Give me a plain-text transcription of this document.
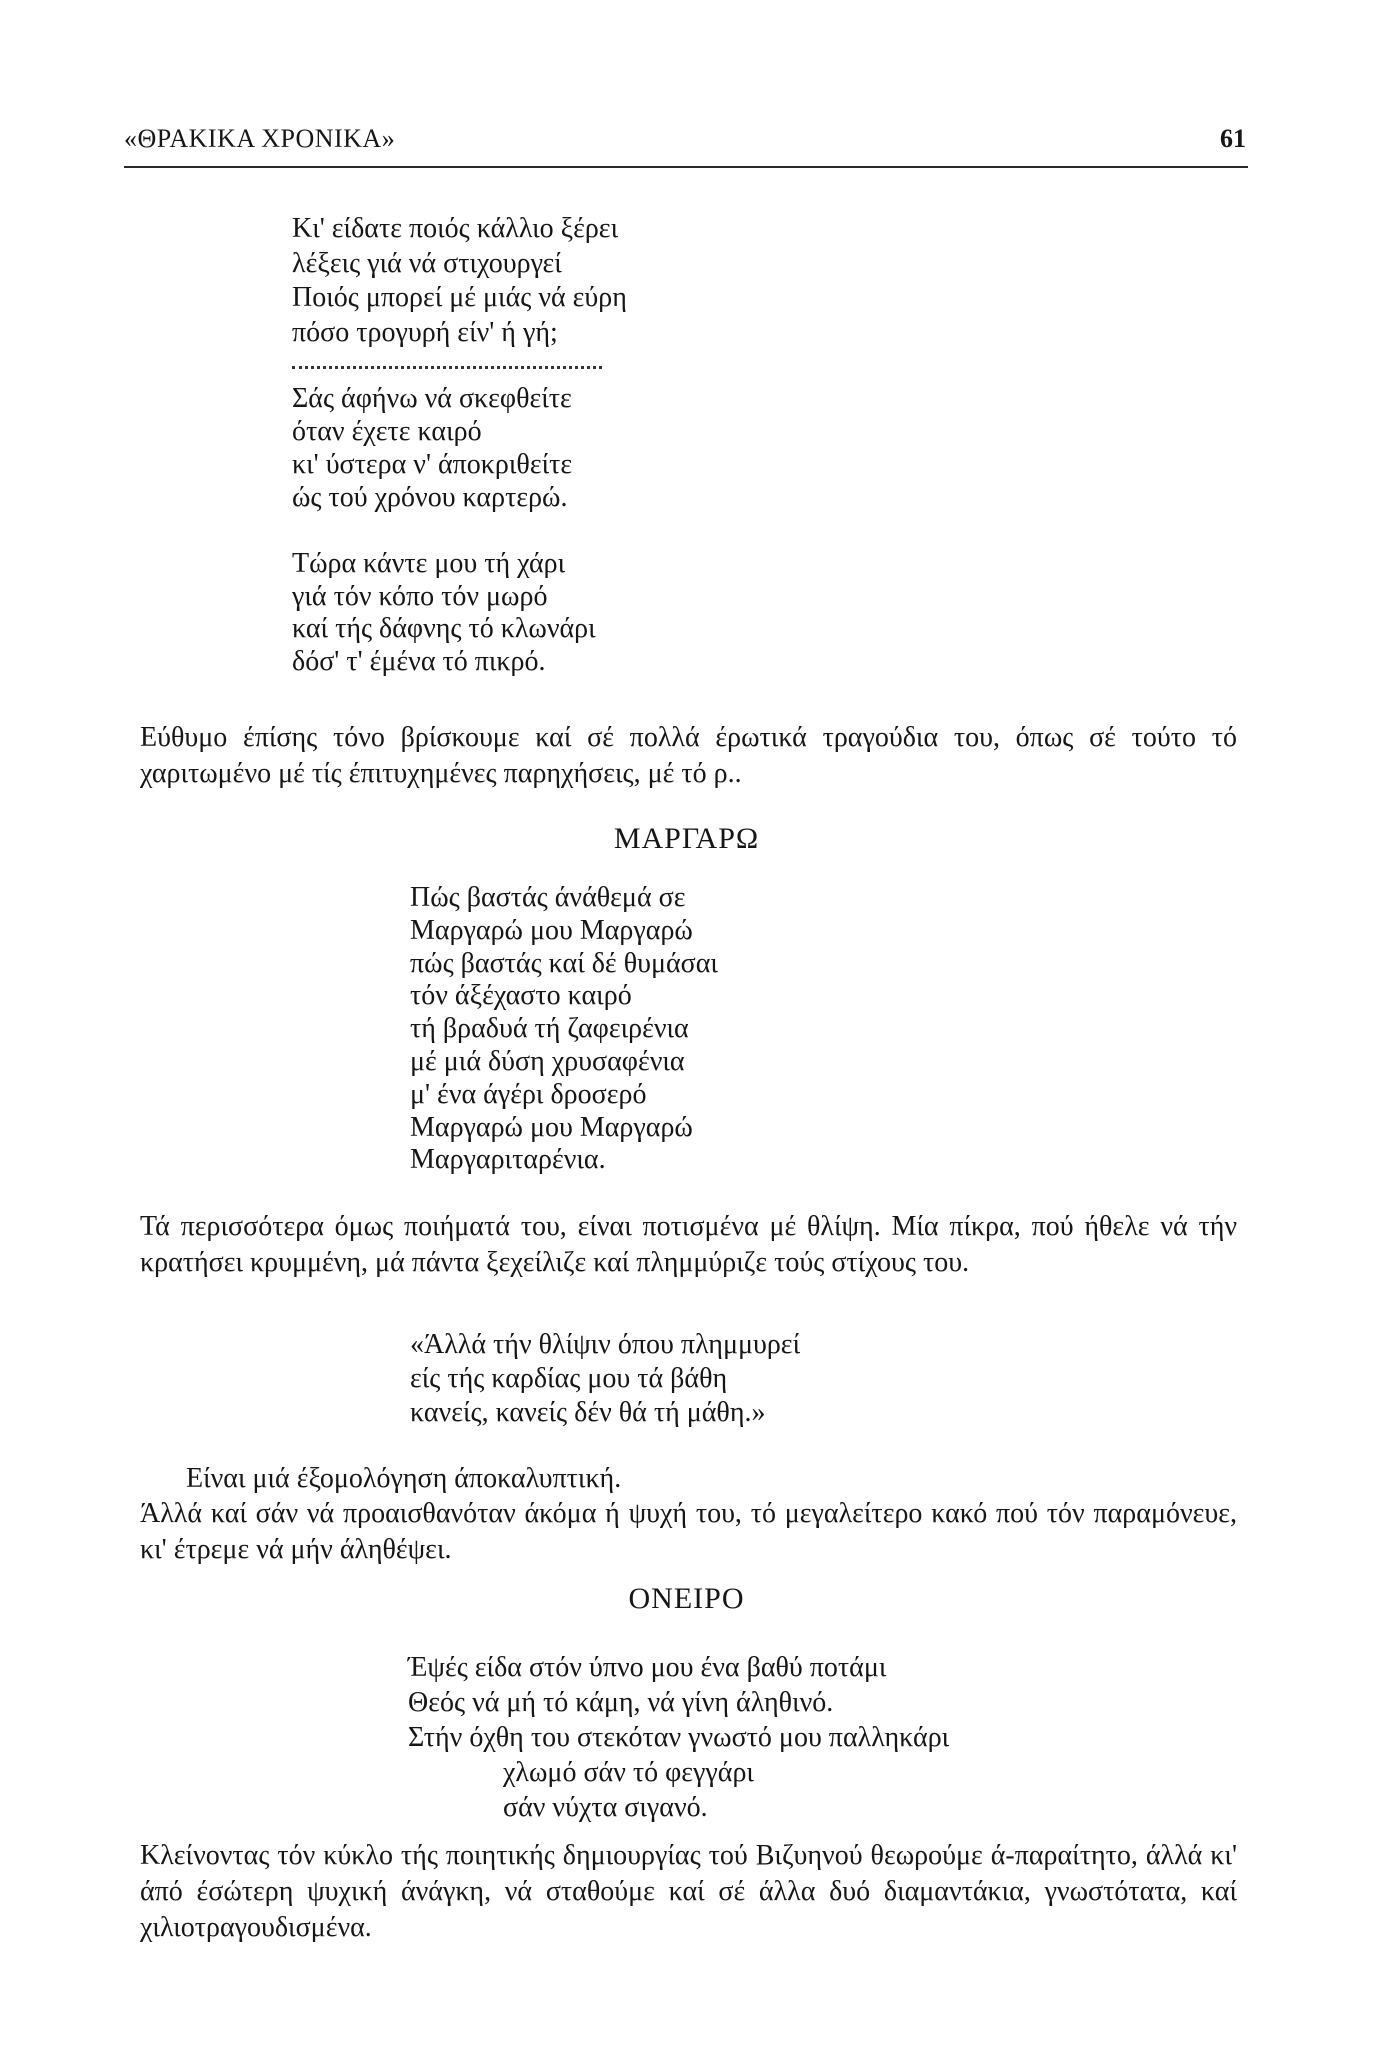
«ΘΡΑΚΙΚΑ ΧΡΟΝΙΚΑ»	61
Κι' είδατε ποιός κάλλιο ξέρει
λέξεις γιά νά στιχουργεί
Ποιός μπορεί μέ μιάς νά εύρη
πόσο τρογυρή είν' ή γή;
Σάς άφήνω νά σκεφθείτε
όταν έχετε καιρό
κι' ύστερα ν' άποκριθείτε
ώς τού χρόνου καρτερώ.
Τώρα κάντε μου τή χάρι
γιά τόν κόπο τόν μωρό
καί τής δάφνης τό κλωνάρι
δόσ' τ' έμένα τό πικρό.

Εύθυμο έπίσης τόνο βρίσκουμε καί σέ πολλά έρωτικά τραγούδια του, όπως σέ τούτο τό χαριτωμένο μέ τίς έπιτυχημένες παρηχήσεις, μέ τό ρ..

ΜΑΡΓΑΡΩ
Πώς βαστάς άνάθεμά σε
Μαργαρώ μου Μαργαρώ
πώς βαστάς καί δέ θυμάσαι
τόν άξέχαστο καιρό
τή βραδυά τή ζαφειρένια
μέ μιά δύση χρυσαφένια
μ' ένα άγέρι δροσερό
Μαργαρώ μου Μαργαρώ
Μαργαριταρένια.

Τά περισσότερα όμως ποιήματά του, είναι ποτισμένα μέ θλίψη. Μία πίκρα, πού ήθελε νά τήν κρατήσει κρυμμένη, μά πάντα ξεχείλιζε καί πλημμύριζε τούς στίχους του.

«Άλλά τήν θλίψιν όπου πλημμυρεί
είς τής καρδίας μου τά βάθη
κανείς, κανείς δέν θά τή μάθη.»

Είναι μιά έξομολόγηση άποκαλυπτική.

Άλλά καί σάν νά προαισθανόταν άκόμα ή ψυχή του, τό μεγαλείτερο κακό πού τόν παραμόνευε, κι' έτρεμε νά μήν άληθέψει.

ΟΝΕΙΡΟ
Έψές είδα στόν ύπνο μου ένα βαθύ ποτάμι
Θεός νά μή τό κάμη, νά γίνη άληθινό.
Στήν όχθη του στεκόταν γνωστό μου παλληκάρι
χλωμό σάν τό φεγγάρι
σάν νύχτα σιγανό.

Κλείνοντας τόν κύκλο τής ποιητικής δημιουργίας τού Βιζυηνού θεωρούμε ά-παραίτητο, άλλά κι' άπό έσώτερη ψυχική άνάγκη, νά σταθούμε καί σέ άλλα δυό διαμαντάκια, γνωστότατα, καί χιλιοτραγουδισμένα.
